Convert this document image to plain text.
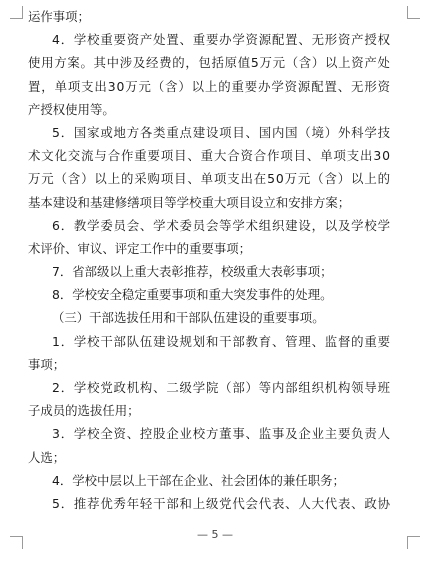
运作事项；
4 ． 学 校 重 要 资 产 处 置 、 重 要 办 学 资 源 配 置 、 无 形 资 产 授 权
使 用 方 案 。 其 中 涉 及 经 费 的 ， 包 括 原 值 5 万 元 （ 含 ） 以 上 资 产 处
置 ， 单 项 支 出 3 0 万 元 （ 含 ） 以 上 的 重 要 办 学 资 源 配 置 、 无 形 资
产授权使用等。
5 ． 国 家 或 地 方 各 类 重 点 建 设 项 目 、 国 内 国 （ 境 ） 外 科 学 技
术 文 化 交 流 与 合 作 重 要 项 目 、 重 大 合 资 合 作 项 目 、 单 项 支 出 3 0
万 元 （ 含 ） 以 上 的 采 购 项 目 、 单 项 支 出 在 5 0 万 元 （ 含 ） 以 上 的
基本建设和基建修缮项目等学校重大项目设立和安排方案；
6 ． 教 学 委 员 会 、 学 术 委 员 会 等 学 术 组 织 建 设 ， 以 及 学 校 学
术评价、审议、评定工作中的重要事项；
7．省部级以上重大表彰推荐，校级重大表彰事项；
8．学校安全稳定重要事项和重大突发事件的处理。
（三）干部选拔任用和干部队伍建设的重要事项。
1 ． 学 校 干 部 队 伍 建 设 规 划 和 干 部 教 育 、 管 理 、 监 督 的 重 要
事项；
2 ． 学 校 党 政 机 构 、 二 级 学 院 （ 部 ） 等 内 部 组 织 机 构 领 导 班
子成员的选拔任用；
3 ． 学 校 全 资 、 控 股 企 业 校 方 董 事 、 监 事 及 企 业 主 要 负 责 人
人选；
4．学校中层以上干部在企业、社会团体的兼任职务；
5 ． 推 荐 优 秀 年 轻 干 部 和 上 级 党 代 会 代 表 、 人 大 代 表 、 政 协
— 5 —
